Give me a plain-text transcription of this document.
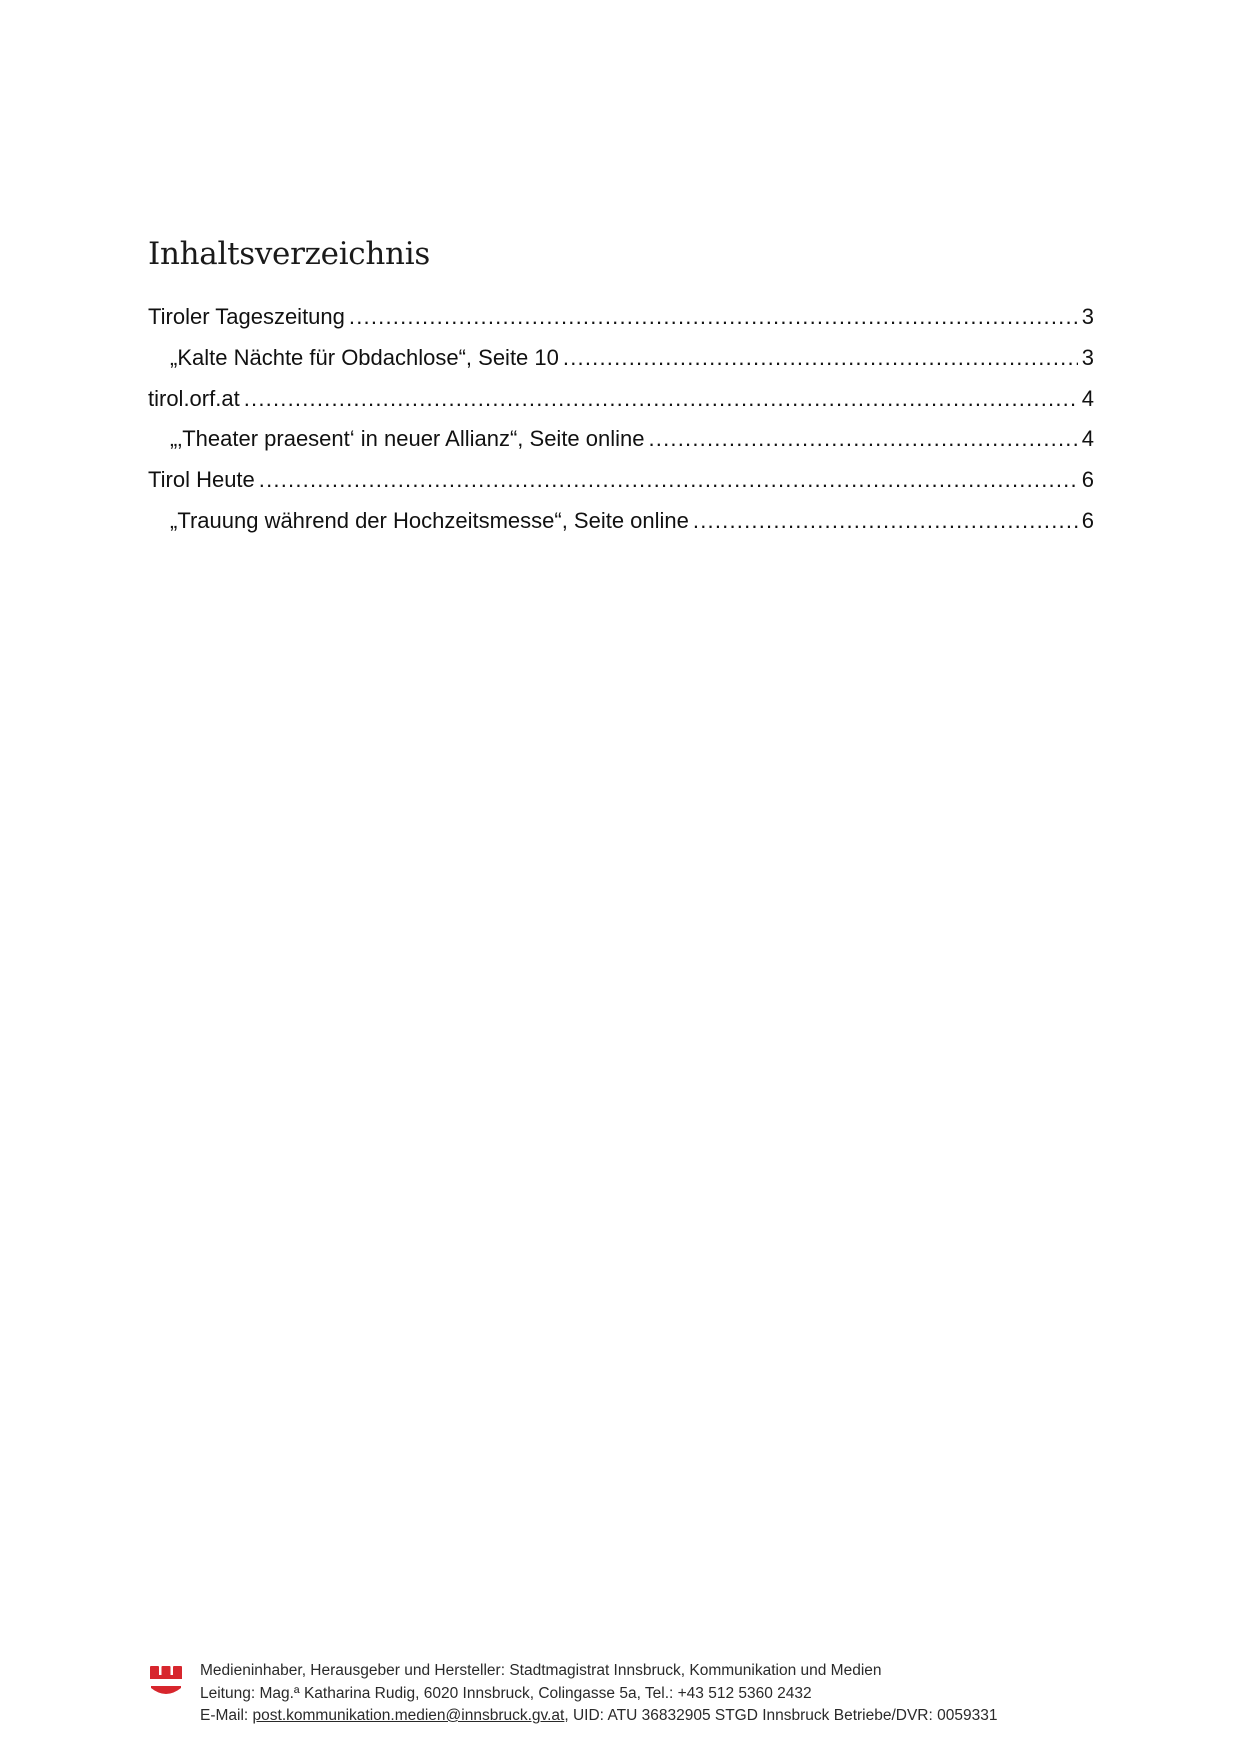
Inhaltsverzeichnis
Tiroler Tageszeitung .....	3
„Kalte Nächte für Obdachlose“, Seite 10 .....	3
tirol.orf.at .....	4
„‚Theater praesent‘ in neuer Allianz“, Seite online .....	4
Tirol Heute .....	6
„Trauung während der Hochzeitsmesse“, Seite online .....	6
Medieninhaber, Herausgeber und Hersteller: Stadtmagistrat Innsbruck, Kommunikation und Medien
Leitung: Mag.ª Katharina Rudig, 6020 Innsbruck, Colingasse 5a, Tel.: +43 512 5360 2432
E-Mail: post.kommunikation.medien@innsbruck.gv.at, UID: ATU 36832905 STGD Innsbruck Betriebe/DVR: 0059331
